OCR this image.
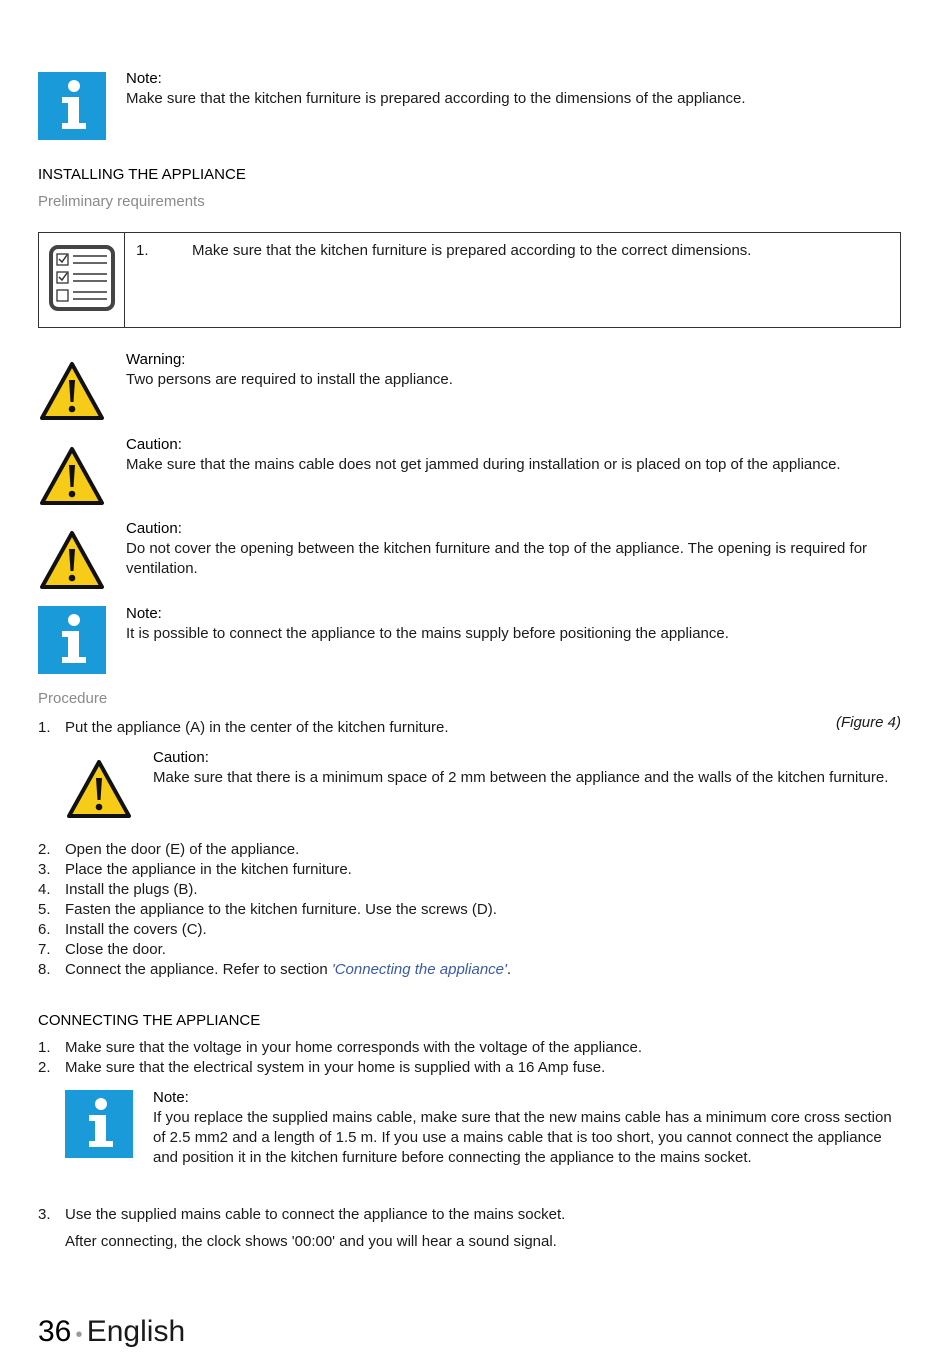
Note:
Make sure that the kitchen furniture is prepared according to the dimensions of the appliance.
INSTALLING THE APPLIANCE
Preliminary requirements
1.	Make sure that the kitchen furniture is prepared according to the correct dimensions.
Warning:
Two persons are required to install the appliance.
Caution:
Make sure that the mains cable does not get jammed during installation or is placed on top of the appliance.
Caution:
Do not cover the opening between the kitchen furniture and the top of the appliance. The opening is required for ventilation.
Note:
It is possible to connect the appliance to the mains supply before positioning the appliance.
Procedure
(Figure 4)
1. Put the appliance (A) in the center of the kitchen furniture.
Caution:
Make sure that there is a minimum space of 2 mm between the appliance and the walls of the kitchen furniture.
2. Open the door (E) of the appliance.
3. Place the appliance in the kitchen furniture.
4. Install the plugs (B).
5. Fasten the appliance to the kitchen furniture. Use the screws (D).
6. Install the covers (C).
7. Close the door.
8. Connect the appliance. Refer to section 'Connecting the appliance'.
CONNECTING THE APPLIANCE
1. Make sure that the voltage in your home corresponds with the voltage of the appliance.
2. Make sure that the electrical system in your home is supplied with a 16 Amp fuse.
Note:
If you replace the supplied mains cable, make sure that the new mains cable has a minimum core cross section of 2.5 mm2 and a length of 1.5 m. If you use a mains cable that is too short, you cannot connect the appliance and position it in the kitchen furniture before connecting the appliance to the mains socket.
3. Use the supplied mains cable to connect the appliance to the mains socket.
After connecting, the clock shows '00:00' and you will hear a sound signal.
36 • English
